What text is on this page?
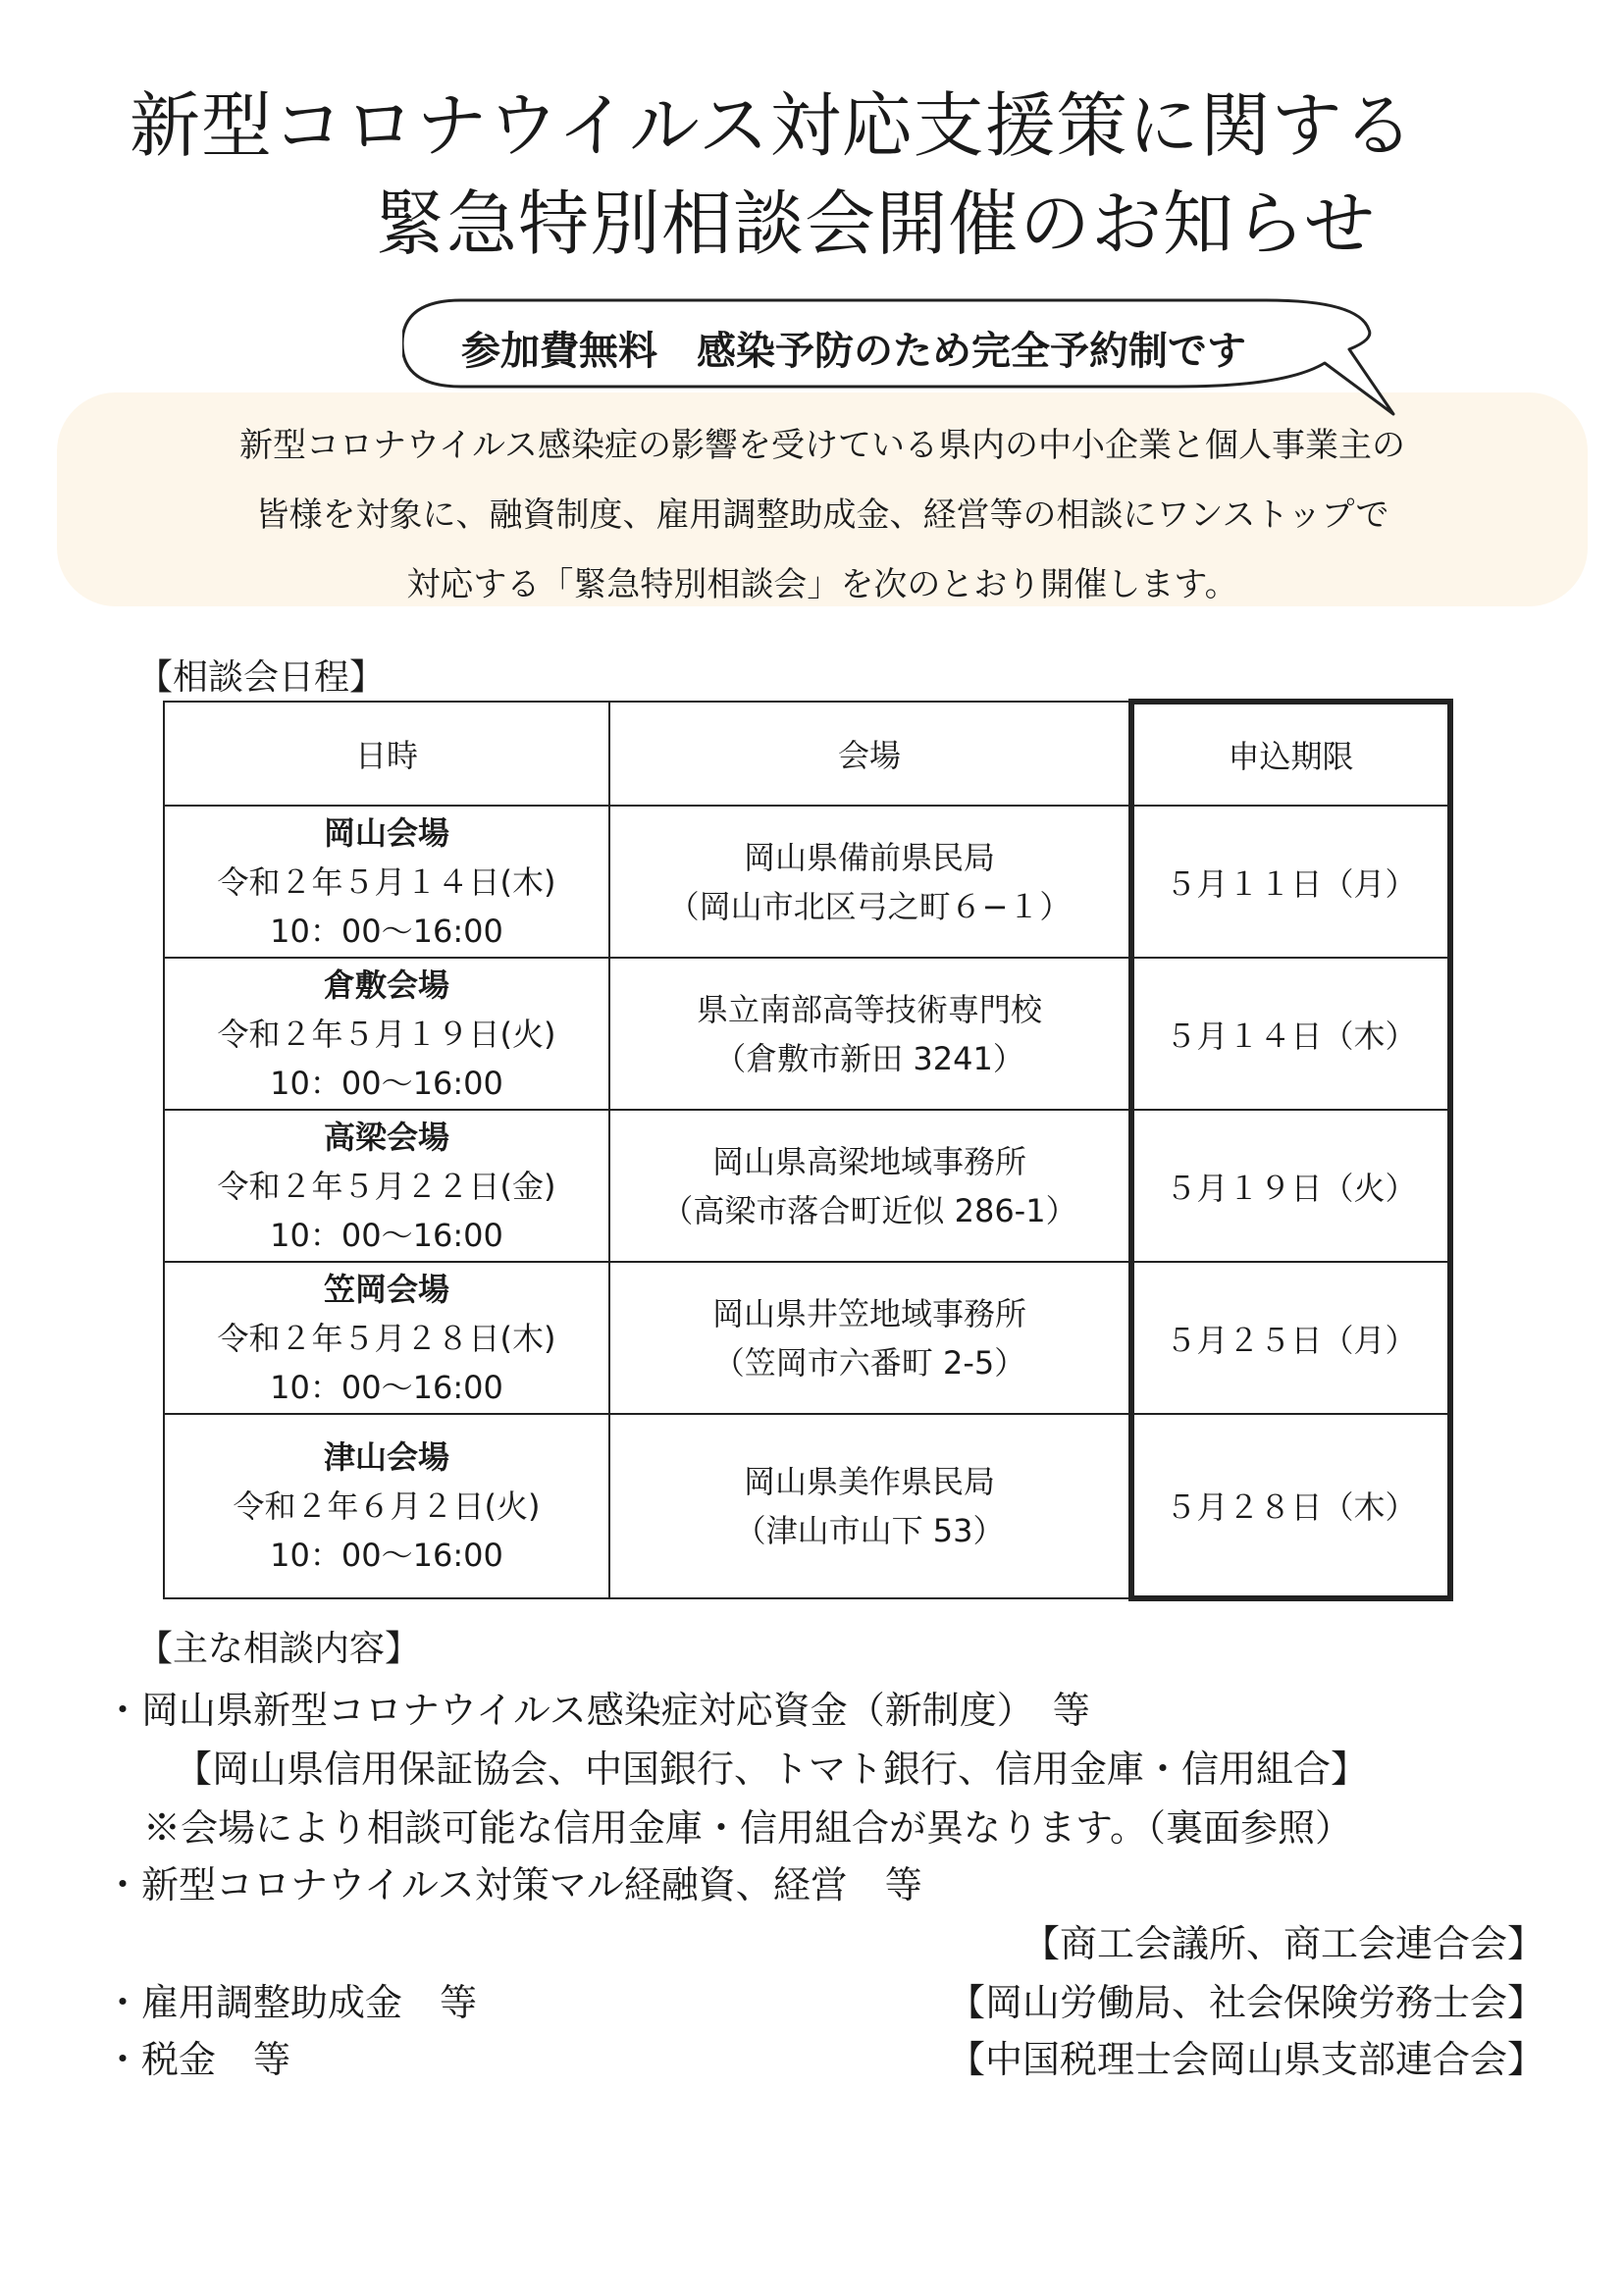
新型コロナウイルス対応支援策に関する
緊急特別相談会開催のお知らせ

新型コロナウイルス感染症の影響を受けている県内の中小企業と個人事業主の

皆様を対象に、融資制度、雇用調整助成金、経営等の相談にワンストップで

対応する「緊急特別相談会」を次のとおり開催します。

参加費無料　感染予防のため完全予約制です
【相談会日程】
日時	会場	申込期限

岡山会場
令和２年５月１４日(木)
10：00～16:00	岡山県備前県民局
（岡山市北区弓之町６−１）	５月１１日（月）

倉敷会場
令和２年５月１９日(火)
10：00～16:00	県立南部高等技術専門校
（倉敷市新田 3241）	５月１４日（木）

高梁会場
令和２年５月２２日(金)
10：00～16:00	岡山県高梁地域事務所
（高梁市落合町近似 286-1）	５月１９日（火）

笠岡会場
令和２年５月２８日(木)
10：00～16:00	岡山県井笠地域事務所
（笠岡市六番町 2-5）	５月２５日（月）

津山会場
令和２年６月２日(火)
10：00～16:00	岡山県美作県民局
（津山市山下 53）	５月２８日（木）
【主な相談内容】
・岡山県新型コロナウイルス感染症対応資金（新制度）　等
【岡山県信用保証協会、中国銀行、トマト銀行、信用金庫・信用組合】
※会場により相談可能な信用金庫・信用組合が異なります。（裏面参照）
・新型コロナウイルス対策マル経融資、経営　等
【商工会議所、商工会連合会】
・雇用調整助成金　等	【岡山労働局、社会保険労務士会】
・税金　等	【中国税理士会岡山県支部連合会】
